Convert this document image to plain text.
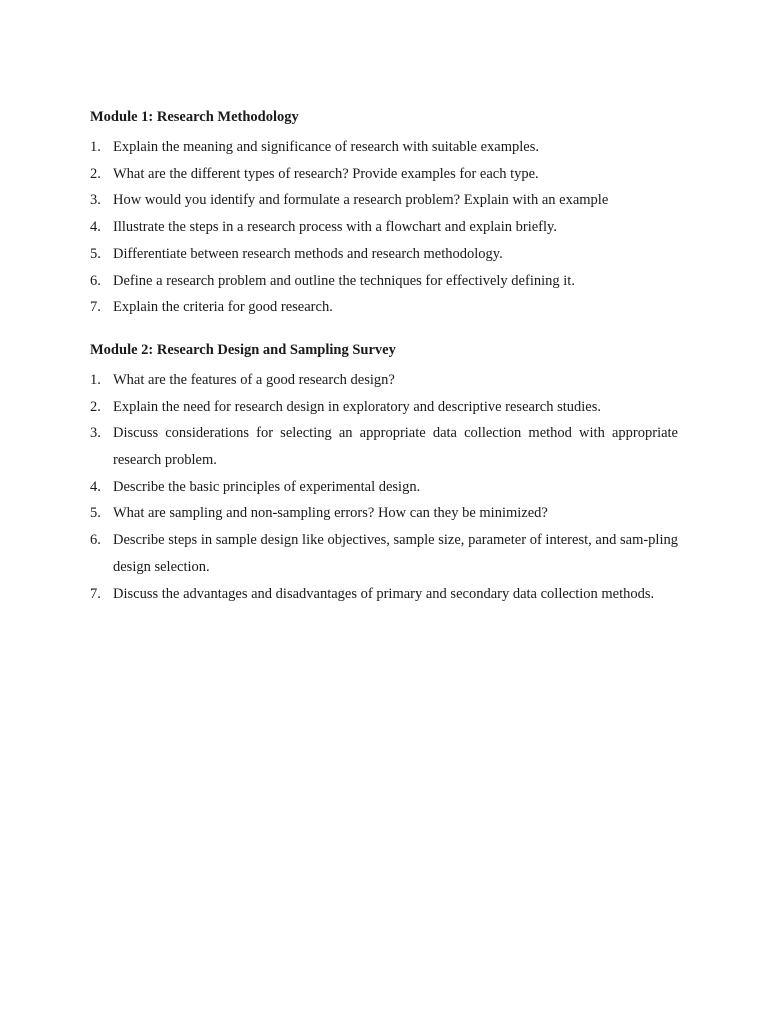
Module 1: Research Methodology
1. Explain the meaning and significance of research with suitable examples.
2. What are the different types of research? Provide examples for each type.
3. How would you identify and formulate a research problem? Explain with an example
4. Illustrate the steps in a research process with a flowchart and explain briefly.
5. Differentiate between research methods and research methodology.
6. Define a research problem and outline the techniques for effectively defining it.
7. Explain the criteria for good research.
Module 2: Research Design and Sampling Survey
1. What are the features of a good research design?
2. Explain the need for research design in exploratory and descriptive research studies.
3. Discuss considerations for selecting an appropriate data collection method with appropriate research problem.
4. Describe the basic principles of experimental design.
5. What are sampling and non-sampling errors? How can they be minimized?
6. Describe steps in sample design like objectives, sample size, parameter of interest, and sam-pling design selection.
7. Discuss the advantages and disadvantages of primary and secondary data collection methods.
